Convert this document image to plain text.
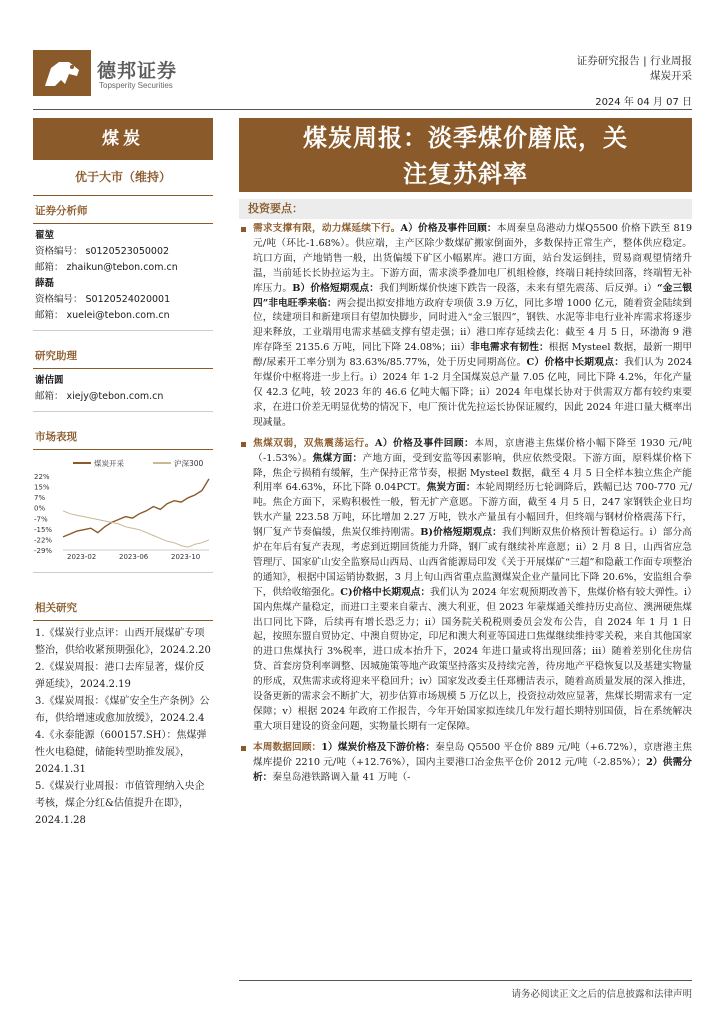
德邦证券
Topsperity Securities
证券研究报告 | 行业周报
煤炭开采
2024 年 04 月 07 日
煤炭
优于大市（维持）
证券分析师
翟堃
资格编号： s0120523050002
邮箱： zhaikun@tebon.com.cn
薛磊
资格编号： S0120524020001
邮箱： xuelei@tebon.com.cn
研究助理
谢佶圆
邮箱： xiejy@tebon.com.cn
市场表现
22%
15%
7%
0%
-7%
-15%
-22%
-29%
2023-02	2023-06	2023-10
煤炭开采	沪深300
相关研究
1.《煤炭行业点评：山西开展煤矿专项整治，供给收紧预期强化》，2024.2.20
2.《煤炭周报：港口去库显著，煤价反弹延续》，2024.2.19
3.《煤炭周报：《煤矿安全生产条例》公布，供给增速或愈加放缓》，2024.2.4
4.《永泰能源（600157.SH）：焦煤弹性火电稳健，储能转型助推发展》，2024.1.31
5.《煤炭行业周报：市值管理纳入央企考核，煤企分红&估值提升在即》，2024.1.28
煤炭周报：淡季煤价磨底，关
注复苏斜率
投资要点：
需求支撑有限，动力煤延续下行。A）价格及事件回顾：本周秦皇岛港动力煤Q5500 价格下跌至 819 元/吨（环比-1.68%）。供应端，主产区除少数煤矿搬家倒面外，多数保持正常生产，整体供应稳定。坑口方面，产地销售一般，出货偏缓下矿区小幅累库。港口方面，站台发运倒挂，贸易商观望情绪升温，当前延长长协拉运为主。下游方面，需求淡季叠加电厂机组检修，终端日耗持续回落，终端暂无补库压力。B）价格短期观点：我们判断煤价快速下跌告一段落，未来有望先震荡、后反弹。i）“金三银四”非电旺季来临：两会提出拟安排地方政府专项债 3.9 万亿，同比多增 1000 亿元，随着资金陆续到位，续建项目和新建项目有望加快脚步，同时进入“金三银四”，钢铁、水泥等非电行业补库需求将逐步迎来释放，工业端用电需求基础支撑有望走强；ii）港口库存延续去化：截至 4 月 5 日，环渤海 9 港库存降至 2135.6 万吨，同比下降 24.08%；iii）非电需求有韧性：根据 Mysteel 数据，最新一期甲醇/尿素开工率分别为 83.63%/85.77%，处于历史同期高位。C）价格中长期观点：我们认为 2024 年煤价中枢将进一步上行。i）2024 年 1-2 月全国煤炭总产量 7.05 亿吨，同比下降 4.2%，年化产量仅 42.3 亿吨，较 2023 年的 46.6 亿吨大幅下降；ii）2024 年电煤长协对于供需双方都有较约束要求，在进口价差无明显优势的情况下，电厂预计优先拉运长协保证履约，因此 2024 年进口量大概率出现减量。
焦煤双弱，双焦震荡运行。A）价格及事件回顾：本周，京唐港主焦煤价格小幅下降至 1930 元/吨（-1.53%）。焦煤方面：产地方面，受到安监等因素影响，供应依然受限。下游方面，原料煤价格下降，焦企亏损稍有缓解，生产保持正常节奏，根据 Mysteel 数据，截至 4 月 5 日全样本独立焦企产能利用率 64.63%，环比下降 0.04PCT。焦炭方面：本轮周期经历七轮调降后，跌幅已达 700-770 元/吨。焦企方面下，采购积极性一般，暂无扩产意愿。下游方面，截至 4 月 5 日，247 家钢铁企业日均铁水产量 223.58 万吨，环比增加 2.27 万吨，铁水产量虽有小幅回升，但终端与钢材价格震荡下行，钢厂复产节奏偏缓，焦炭仅维持刚需。B)价格短期观点：我们判断双焦价格预计暂稳运行。i）部分高炉在年后有复产表现，考虑到近期回货能力升降，钢厂或有继续补库意愿；ii）2 月 8 日，山西省应急管理厅、国家矿山安全监察局山西局、山西省能源局印发《关于开展煤矿“三超”和隐蔽工作面专项整治的通知》，根据中国运销协数据，3 月上旬山西省重点监测煤炭企业产量同比下降 20.6%，安监组合拳下，供给收缩强化。C)价格中长期观点：我们认为 2024 年宏观预期改善下，焦煤价格有较大弹性。i）国内焦煤产量稳定，而进口主要来自蒙古、澳大利亚，但 2023 年蒙煤通关维持历史高位、澳洲硬焦煤出口同比下降，后续再有增长恐乏力；ii）国务院关税税则委员会发布公告，自 2024 年 1 月 1 日起，按照东盟自贸协定、中澳自贸协定，印尼和澳大利亚等国进口焦煤继续维持零关税，来自其他国家的进口焦煤执行 3%税率，进口成本抬升下，2024 年进口量或将出现回落；iii）随着差别化住房信贷、首套房贷利率调整、因城施策等地产政策坚持落实及持续完善，待房地产平稳恢复以及基建实物量的形成，双焦需求或将迎来平稳回升；iv）国家发改委主任郑栅洁表示，随着高质量发展的深入推进，设备更新的需求会不断扩大，初步估算市场规模 5 万亿以上，投资拉动效应显著，焦煤长期需求有一定保障；v）根据 2024 年政府工作报告，今年开始国家拟连续几年发行超长期特别国债，旨在系统解决重大项目建设的资金问题，实物量长期有一定保障。
本周数据回顾：1）煤炭价格及下游价格：秦皇岛 Q5500 平仓价 889 元/吨（+6.72%），京唐港主焦煤库提价 2210 元/吨（+12.76%），国内主要港口冶金焦平仓价 2012 元/吨（-2.85%）；2）供需分析：秦皇岛港铁路调入量 41 万吨（-
请务必阅读正文之后的信息披露和法律声明
